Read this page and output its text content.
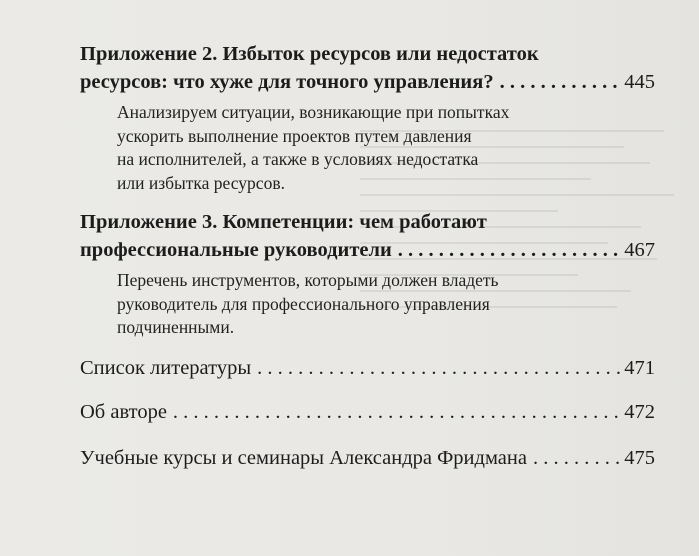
Приложение 2. Избыток ресурсов или недостаток
ресурсов: что хуже для точного управления? . . .	445
Анализируем ситуации, возникающие при попытках
ускорить выполнение проектов путем давления
на исполнителей, а также в условиях недостатка
или избытка ресурсов.
Приложение 3. Компетенции: чем работают
профессиональные руководители . . .	467
Перечень инструментов, которыми должен владеть
руководитель для профессионального управления
подчиненными.
Список литературы . . .	471
Об авторе . . .	472
Учебные курсы и семинары Александра Фридмана . . .	475
